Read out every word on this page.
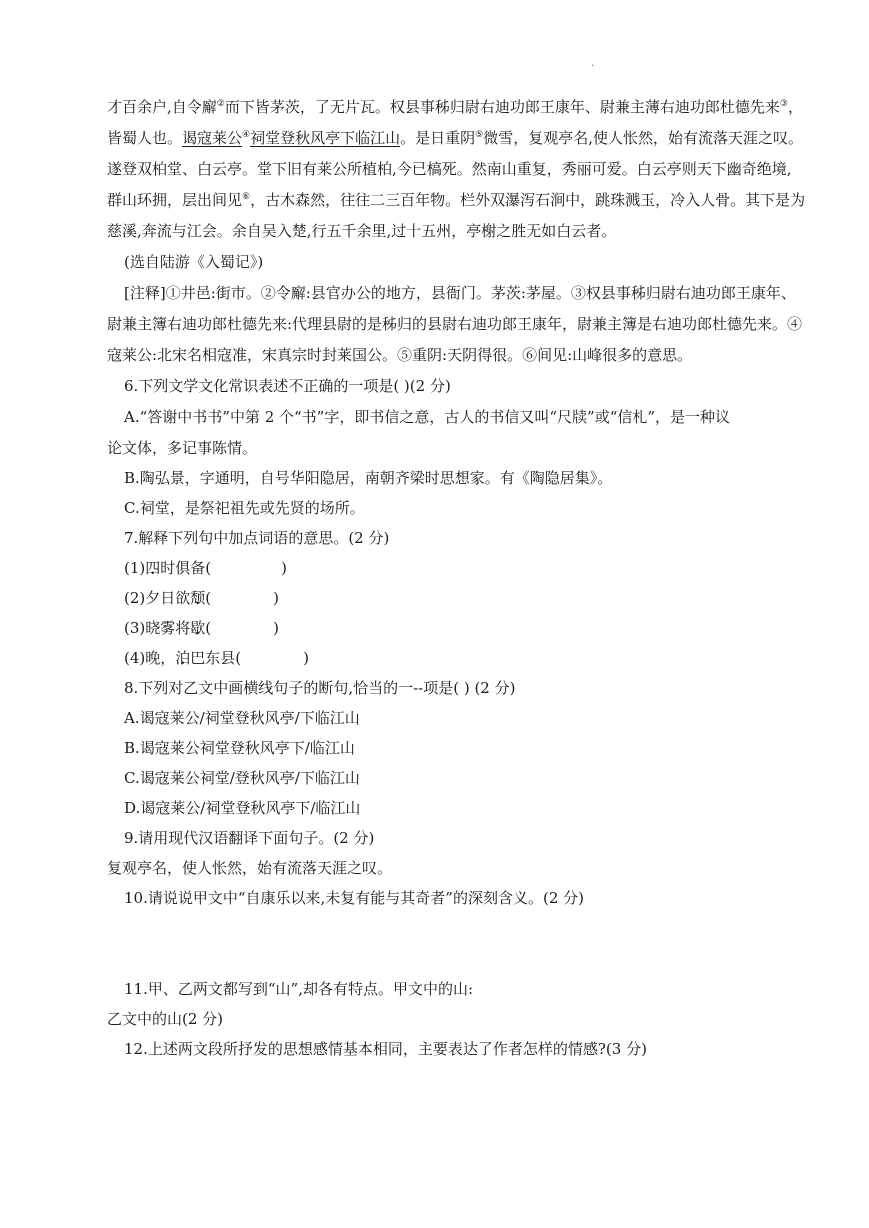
.
才百余户,自令廨②而下皆茅茨，了无片瓦。权县事秭归尉右迪功郎王康年、尉兼主薄右迪功郎杜德先来③，
皆蜀人也。谒寇莱公④祠堂登秋风亭下临江山。是日重阴⑤微雪，复观亭名,使人怅然，始有流落天涯之叹。
遂登双柏堂、白云亭。堂下旧有莱公所植柏,今已槁死。然南山重复，秀丽可爱。白云亭则天下幽奇绝境,
群山环拥，层出间见⑥，古木森然，往往二三百年物。栏外双瀑泻石涧中，跳珠溅玉，冷入人骨。其下是为
慈溪,奔流与江会。余自吴入楚,行五千余里,过十五州，亭榭之胜无如白云者。
(选自陆游《入蜀记》)
[注释]①井邑:街市。②令廨:县官办公的地方，县衙门。茅茨:茅屋。③权县事秭归尉右迪功郎王康年、
尉兼主簿右迪功郎杜德先来:代理县尉的是秭归的县尉右迪功郎王康年，尉兼主簿是右迪功郎杜德先来。④
寇莱公:北宋名相寇准，宋真宗时封莱国公。⑤重阴:天阴得很。⑥间见:山峰很多的意思。
6.下列文学文化常识表述不正确的一项是( )(2 分)
A.“答谢中书书”中第 2 个“书”字，即书信之意，古人的书信又叫“尺牍”或“信札”，是一种议
论文体，多记事陈情。
B.陶弘景，字通明，自号华阳隐居，南朝齐梁时思想家。有《陶隐居集》。
C.祠堂，是祭祀祖先或先贤的场所。
7.解释下列句中加点词语的意思。(2 分)
(1)四时俱备(	)
(2)夕日欲颓(	)
(3)晓雾将歇(	)
(4)晚，泊巴东县(	)
8.下列对乙文中画横线句子的断句,恰当的一--项是( ) (2 分)
A.谒寇莱公/祠堂登秋风亭/下临江山
B.谒寇莱公祠堂登秋风亭下/临江山
C.谒寇莱公祠堂/登秋风亭/下临江山
D.谒寇莱公/祠堂登秋风亭下/临江山
9.请用现代汉语翻译下面句子。(2 分)
复观亭名，使人怅然，始有流落天涯之叹。
10.请说说甲文中“自康乐以来,未复有能与其奇者”的深刻含义。(2 分)
11.甲、乙两文都写到“山”,却各有特点。甲文中的山:
乙文中的山(2 分)
12.上述两文段所抒发的思想感情基本相同，主要表达了作者怎样的情感?(3 分)
